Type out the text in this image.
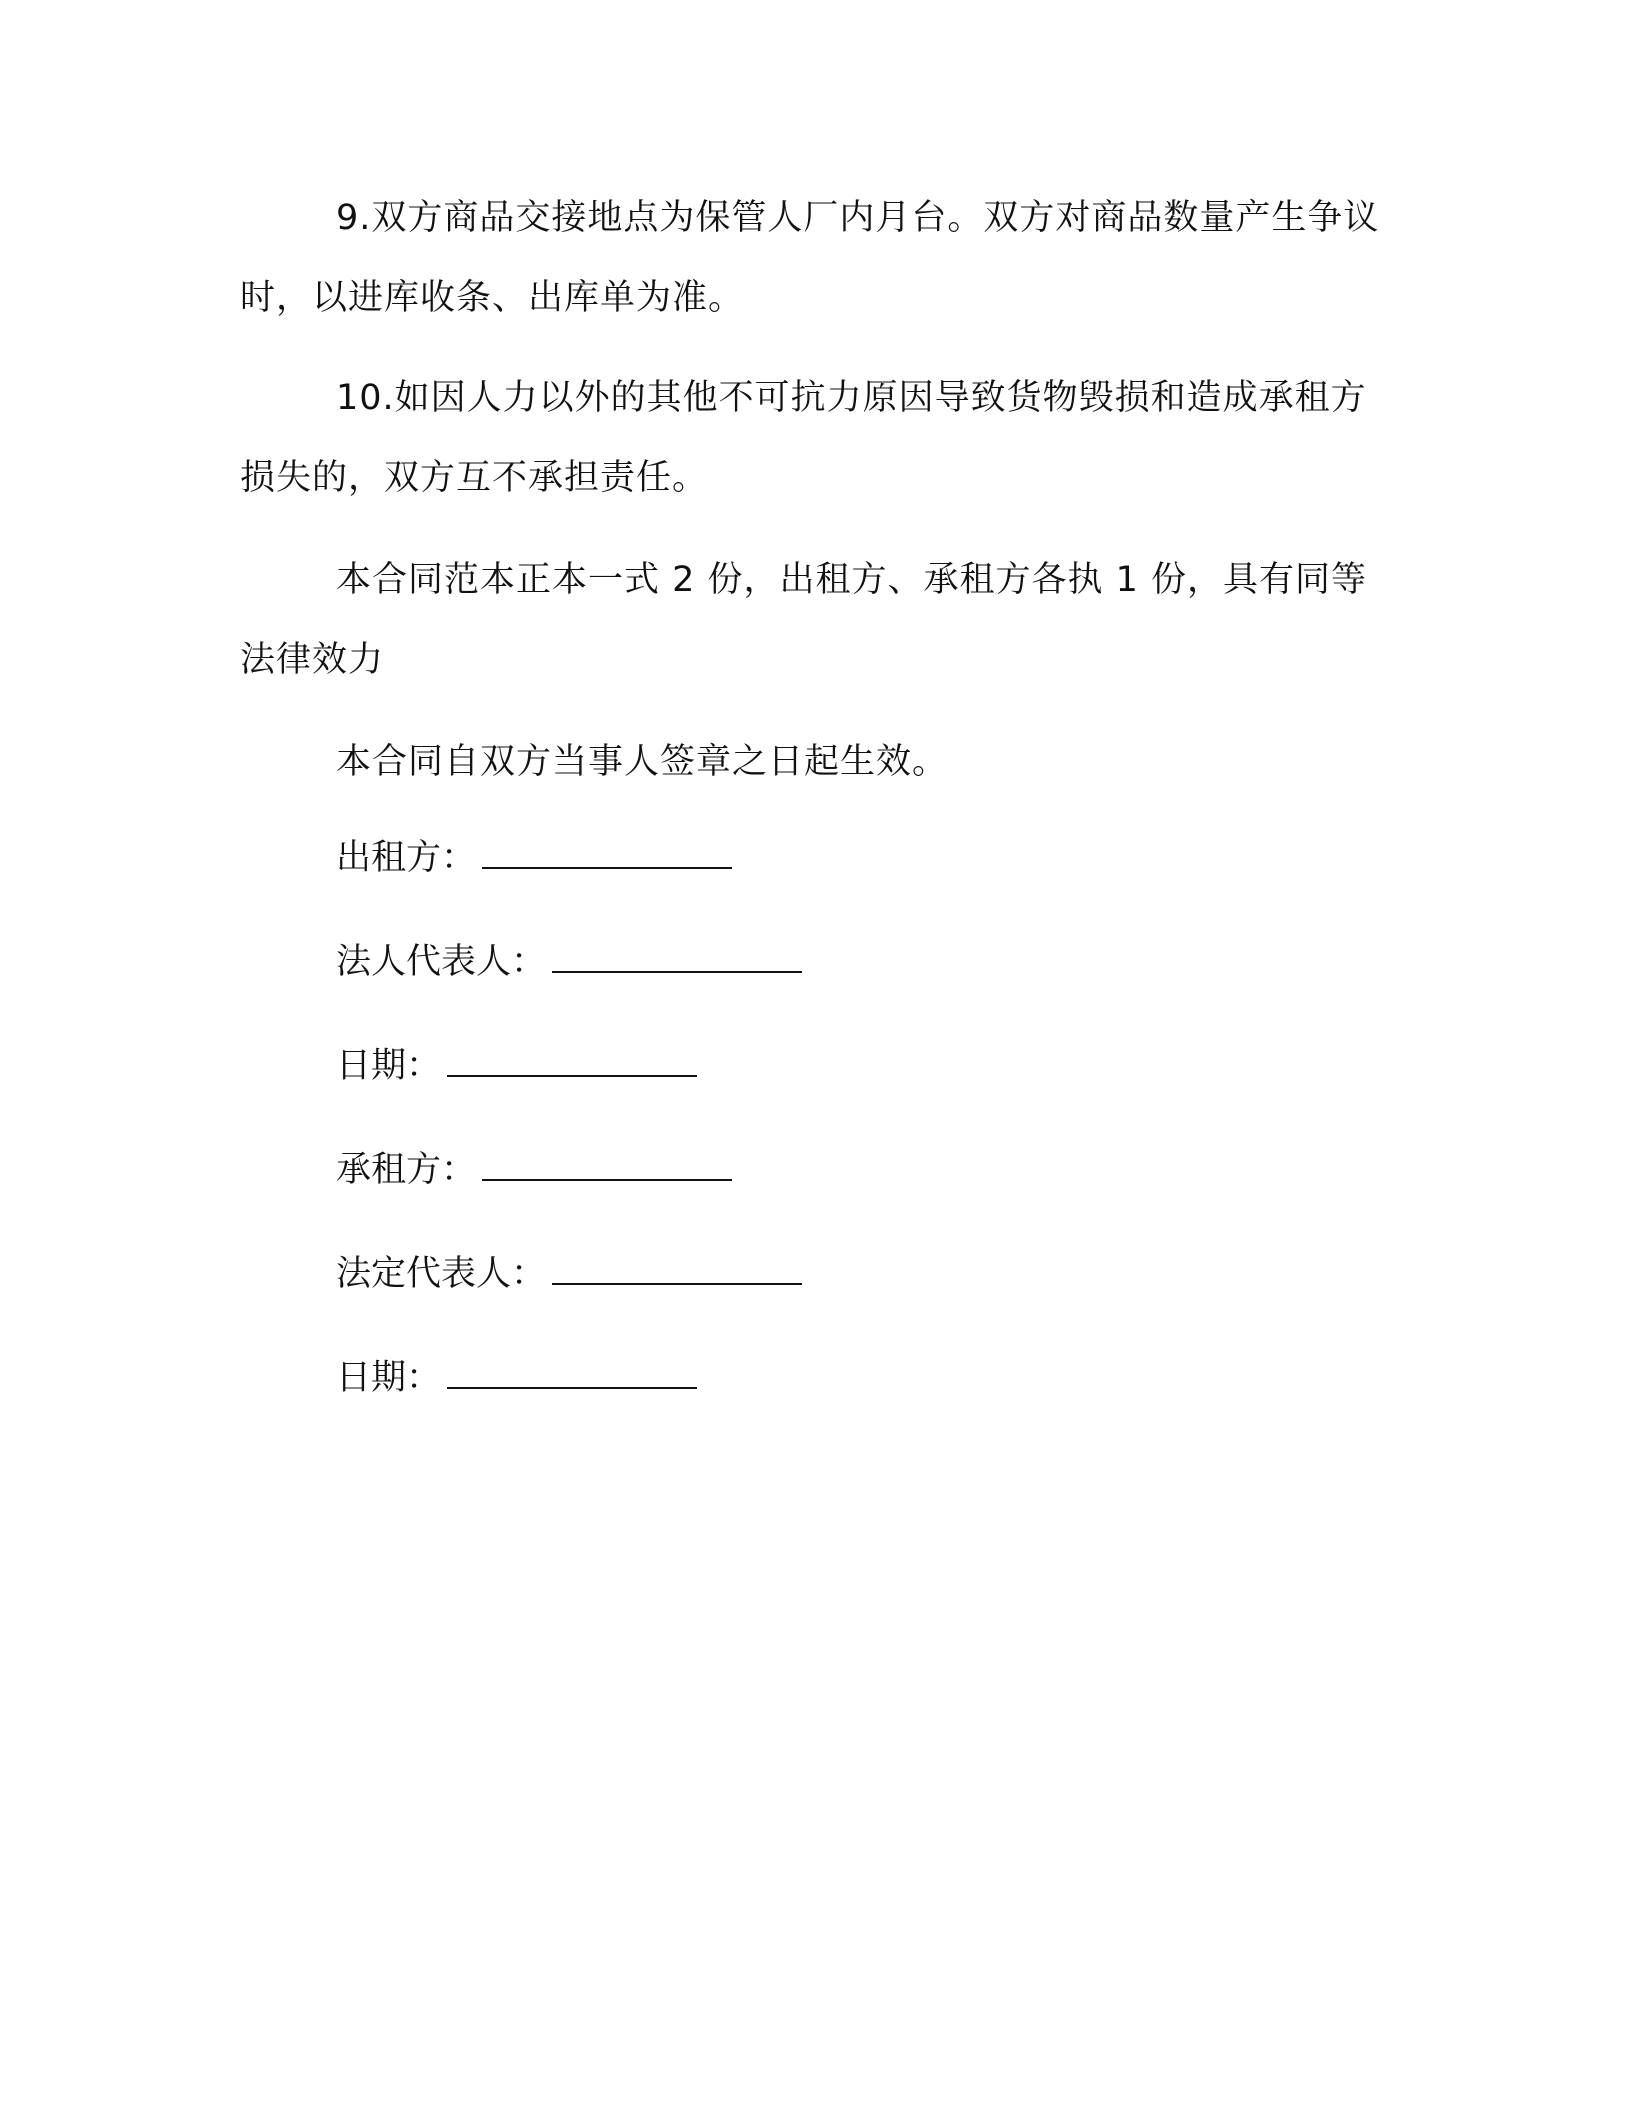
9.双方商品交接地点为保管人厂内月台。双方对商品数量产生争议时，以进库收条、出库单为准。

10.如因人力以外的其他不可抗力原因导致货物毁损和造成承租方损失的，双方互不承担责任。

本合同范本正本一式 2 份，出租方、承租方各执 1 份，具有同等法律效力

本合同自双方当事人签章之日起生效。

出租方：
法人代表人：
日期：
承租方：
法定代表人：
日期：
